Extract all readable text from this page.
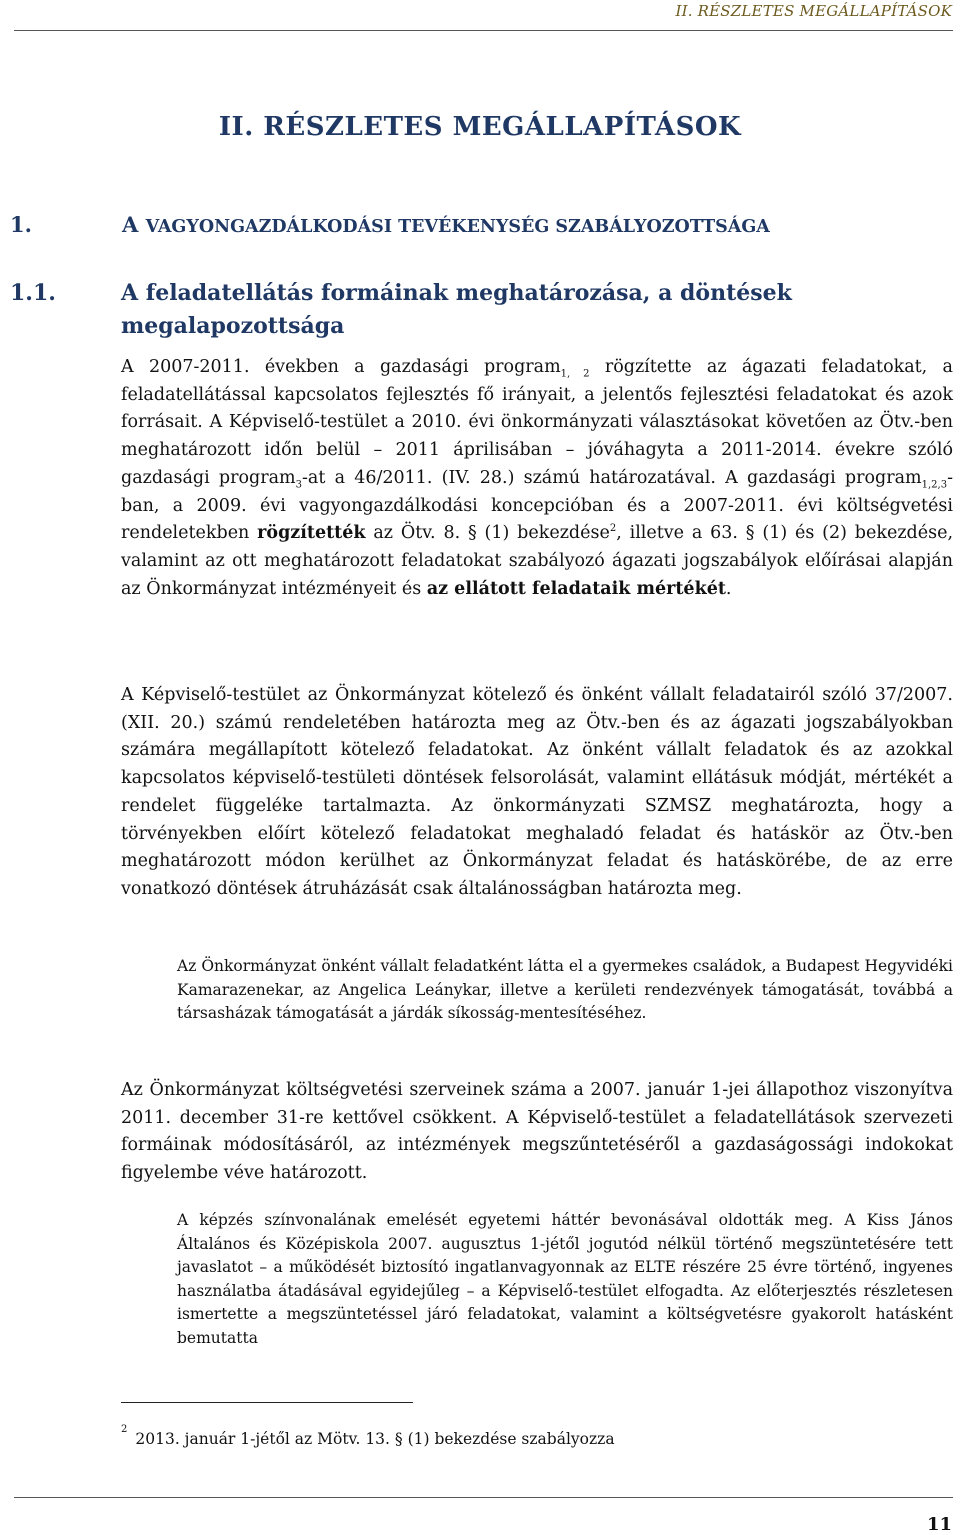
II. RÉSZLETES MEGÁLLAPÍTÁSOK
II. RÉSZLETES MEGÁLLAPÍTÁSOK
1.	A VAGYONGAZDÁLKODÁSI TEVÉKENYSÉG SZABÁLYOZOTTSÁGA
1.1.	A feladatellátás formáinak meghatározása, a döntések megalapozottsága
A 2007-2011. években a gazdasági program$_{1, 2}$ rögzítette az ágazati feladatokat, a feladatellátással kapcsolatos fejlesztés fő irányait, a jelentős fejlesztési feladatokat és azok forrásait. A Képviselő-testület a 2010. évi önkormányzati választásokat követően az Ötv.-ben meghatározott időn belül – 2011 áprilisában – jóváhagyta a 2011-2014. évekre szóló gazdasági program$_3$-at a 46/2011. (IV. 28.) számú határozatával. A gazdasági program$_{1,2,3}$-ban, a 2009. évi vagyongazdálkodási koncepcióban és a 2007-2011. évi költségvetési rendeletekben rögzítették az Ötv. 8. § (1) bekezdése$^2$, illetve a 63. § (1) és (2) bekezdése, valamint az ott meghatározott feladatokat szabályozó ágazati jogszabályok előírásai alapján az Önkormányzat intézményeit és az ellátott feladataik mértékét.
A Képviselő-testület az Önkormányzat kötelező és önként vállalt feladatairól szóló 37/2007. (XII. 20.) számú rendeletében határozta meg az Ötv.-ben és az ágazati jogszabályokban számára megállapított kötelező feladatokat. Az önként vállalt feladatok és az azokkal kapcsolatos képviselő-testületi döntések felsorolását, valamint ellátásuk módját, mértékét a rendelet függeléke tartalmazta. Az önkormányzati SZMSZ meghatározta, hogy a törvényekben előírt kötelező feladatokat meghaladó feladat és hatáskör az Ötv.-ben meghatározott módon kerülhet az Önkormányzat feladat és hatáskörébe, de az erre vonatkozó döntések átruházását csak általánosságban határozta meg.
Az Önkormányzat önként vállalt feladatként látta el a gyermekes családok, a Budapest Hegyvidéki Kamarazenekar, az Angelica Leánykar, illetve a kerületi rendezvények támogatását, továbbá a társasházak támogatását a járdák síkosság-mentesítéséhez.
Az Önkormányzat költségvetési szerveinek száma a 2007. január 1-jei állapothoz viszonyítva 2011. december 31-re kettővel csökkent. A Képviselő-testület a feladatellátások szervezeti formáinak módosításáról, az intézmények megszűntetéséről a gazdaságossági indokokat figyelembe véve határozott.
A képzés színvonalának emelését egyetemi háttér bevonásával oldották meg. A Kiss János Általános és Középiskola 2007. augusztus 1-jétől jogutód nélkül történő megszüntetésére tett javaslatot – a működését biztosító ingatlanvagyonnak az ELTE részére 25 évre történő, ingyenes használatba átadásával egyidejűleg – a Képviselő-testület elfogadta. Az előterjesztés részletesen ismertette a megszüntetéssel járó feladatokat, valamint a költségvetésre gyakorolt hatásként bemutatta
$^2$2013. január 1-jétől az Mötv. 13. § (1) bekezdése szabályozza
11
